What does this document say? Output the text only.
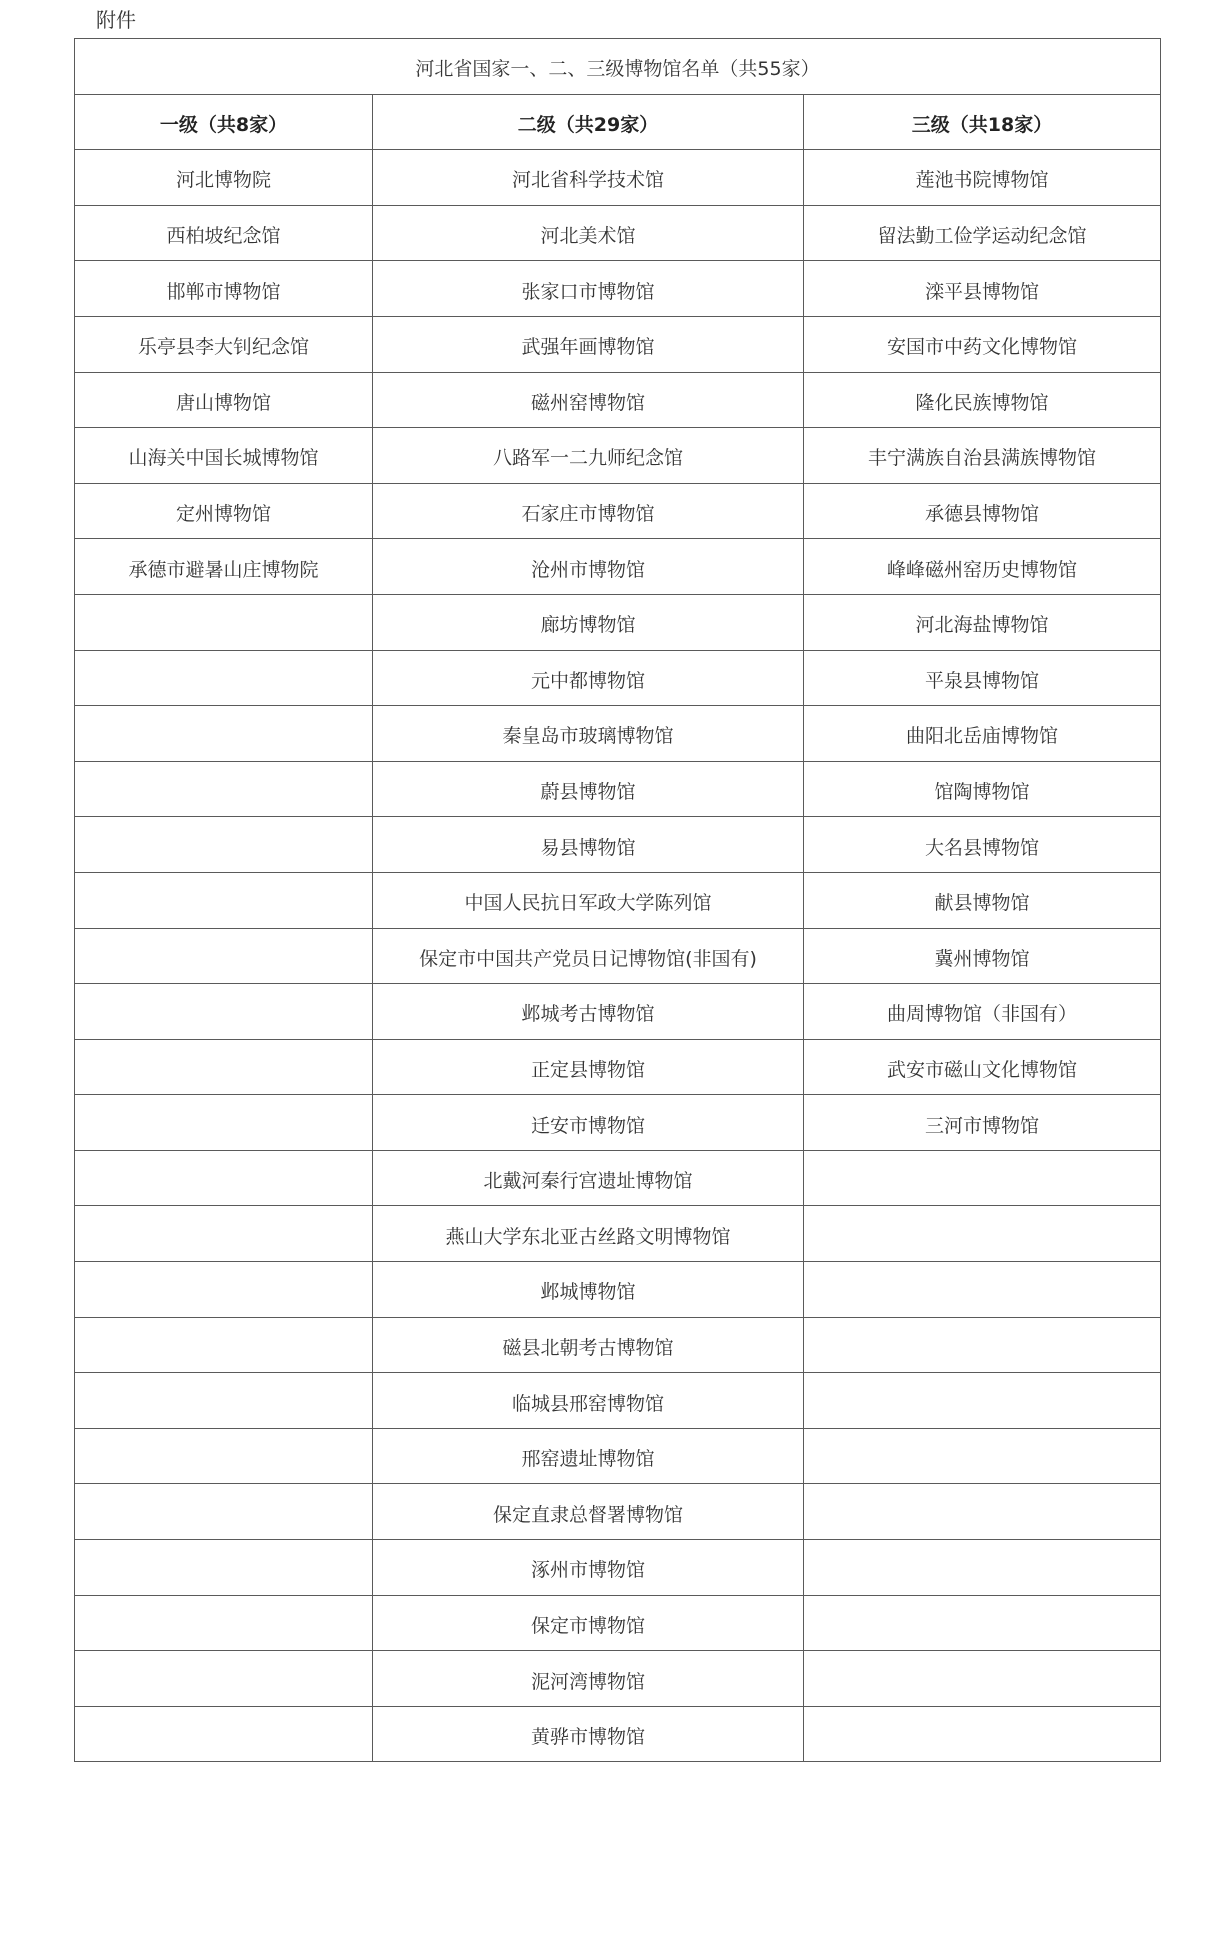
附件
河北省国家一、二、三级博物馆名单（共55家）		
一级（共8家）	二级（共29家）	三级（共18家）
河北博物院	河北省科学技术馆	莲池书院博物馆
西柏坡纪念馆	河北美术馆	留法勤工俭学运动纪念馆
邯郸市博物馆	张家口市博物馆	滦平县博物馆
乐亭县李大钊纪念馆	武强年画博物馆	安国市中药文化博物馆
唐山博物馆	磁州窑博物馆	隆化民族博物馆
山海关中国长城博物馆	八路军一二九师纪念馆	丰宁满族自治县满族博物馆
定州博物馆	石家庄市博物馆	承德县博物馆
承德市避暑山庄博物院	沧州市博物馆	峰峰磁州窑历史博物馆
	廊坊博物馆	河北海盐博物馆
	元中都博物馆	平泉县博物馆
	秦皇岛市玻璃博物馆	曲阳北岳庙博物馆
	蔚县博物馆	馆陶博物馆
	易县博物馆	大名县博物馆
	中国人民抗日军政大学陈列馆	献县博物馆
	保定市中国共产党员日记博物馆(非国有)	冀州博物馆
	邺城考古博物馆	曲周博物馆（非国有）
	正定县博物馆	武安市磁山文化博物馆
	迁安市博物馆	三河市博物馆
	北戴河秦行宫遗址博物馆	
	燕山大学东北亚古丝路文明博物馆	
	邺城博物馆	
	磁县北朝考古博物馆	
	临城县邢窑博物馆	
	邢窑遗址博物馆	
	保定直隶总督署博物馆	
	涿州市博物馆	
	保定市博物馆	
	泥河湾博物馆	
	黄骅市博物馆	
